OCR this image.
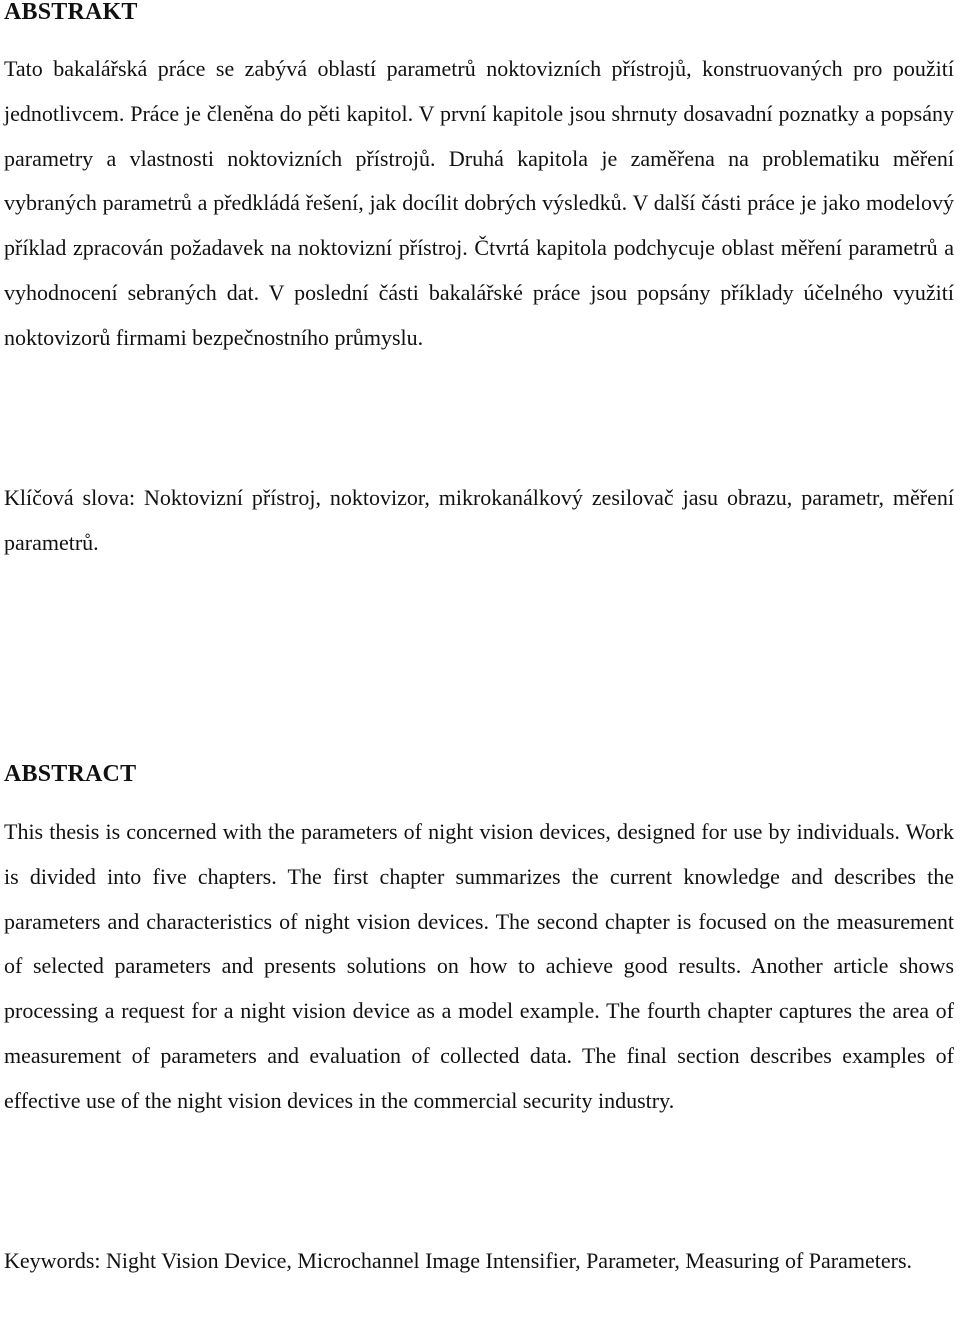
ABSTRAKT

Tato bakalářská práce se zabývá oblastí parametrů noktovizních přístrojů, konstruovaných pro použití jednotlivcem. Práce je členěna do pěti kapitol. V první kapitole jsou shrnuty dosavadní poznatky a popsány parametry a vlastnosti noktovizních přístrojů. Druhá kapitola je zaměřena na problematiku měření vybraných parametrů a předkládá řešení, jak docílit dobrých výsledků. V další části práce je jako modelový příklad zpracován požadavek na noktovizní přístroj. Čtvrtá kapitola podchycuje oblast měření parametrů a vyhodnocení sebraných dat. V poslední části bakalářské práce jsou popsány příklady účelného využití noktovizorů firmami bezpečnostního průmyslu.

Klíčová slova: Noktovizní přístroj, noktovizor, mikrokanálkový zesilovač jasu obrazu, parametr, měření parametrů.

ABSTRACT

This thesis is concerned with the parameters of night vision devices, designed for use by individuals. Work is divided into five chapters. The first chapter summarizes the current knowledge and describes the parameters and characteristics of night vision devices. The second chapter is focused on the measurement of selected parameters and presents solutions on how to achieve good results. Another article shows processing a request for a night vision device as a model example. The fourth chapter captures the area of measurement of parameters and evaluation of collected data. The final section describes examples of effective use of the night vision devices in the commercial security industry.

Keywords: Night Vision Device, Microchannel Image Intensifier, Parameter, Measuring of Parameters.
